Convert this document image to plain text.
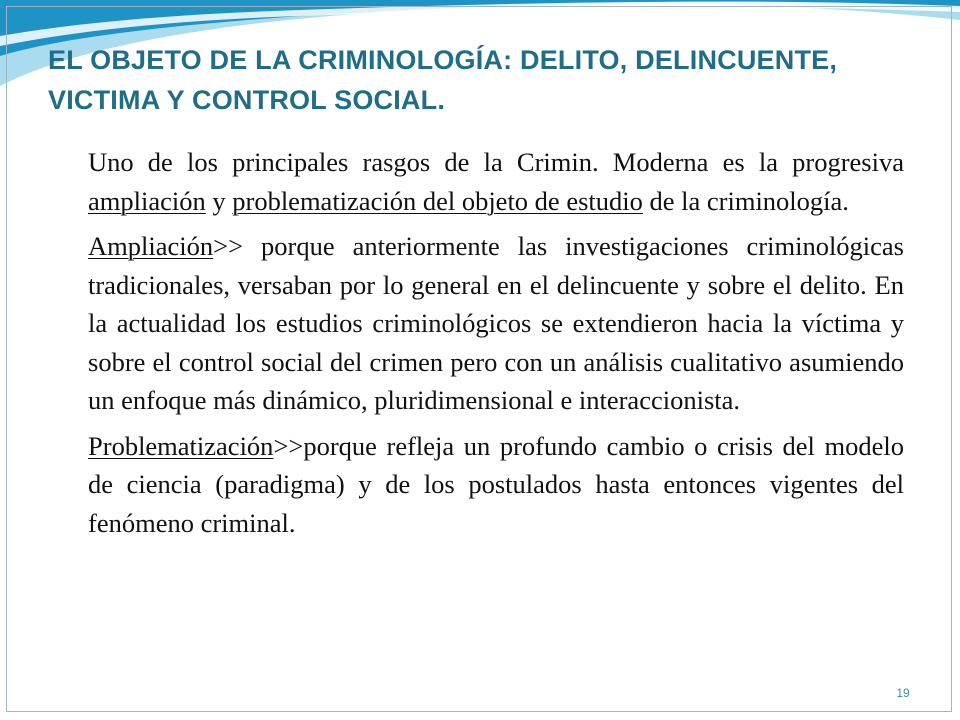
EL OBJETO DE LA CRIMINOLOGÍA: DELITO, DELINCUENTE, VICTIMA Y CONTROL SOCIAL.

Uno de los principales rasgos de la Crimin. Moderna es la progresiva ampliación y problematización del objeto de estudio de la criminología.

Ampliación>> porque anteriormente las investigaciones criminológicas tradicionales, versaban por lo general en el delincuente y sobre el delito. En la actualidad los estudios criminológicos se extendieron hacia la víctima y sobre el control social del crimen pero con un análisis cualitativo asumiendo un enfoque más dinámico, pluridimensional e interaccionista.

Problematización>>porque refleja un profundo cambio o crisis del modelo de ciencia (paradigma) y de los postulados hasta entonces vigentes del fenómeno criminal.

19
